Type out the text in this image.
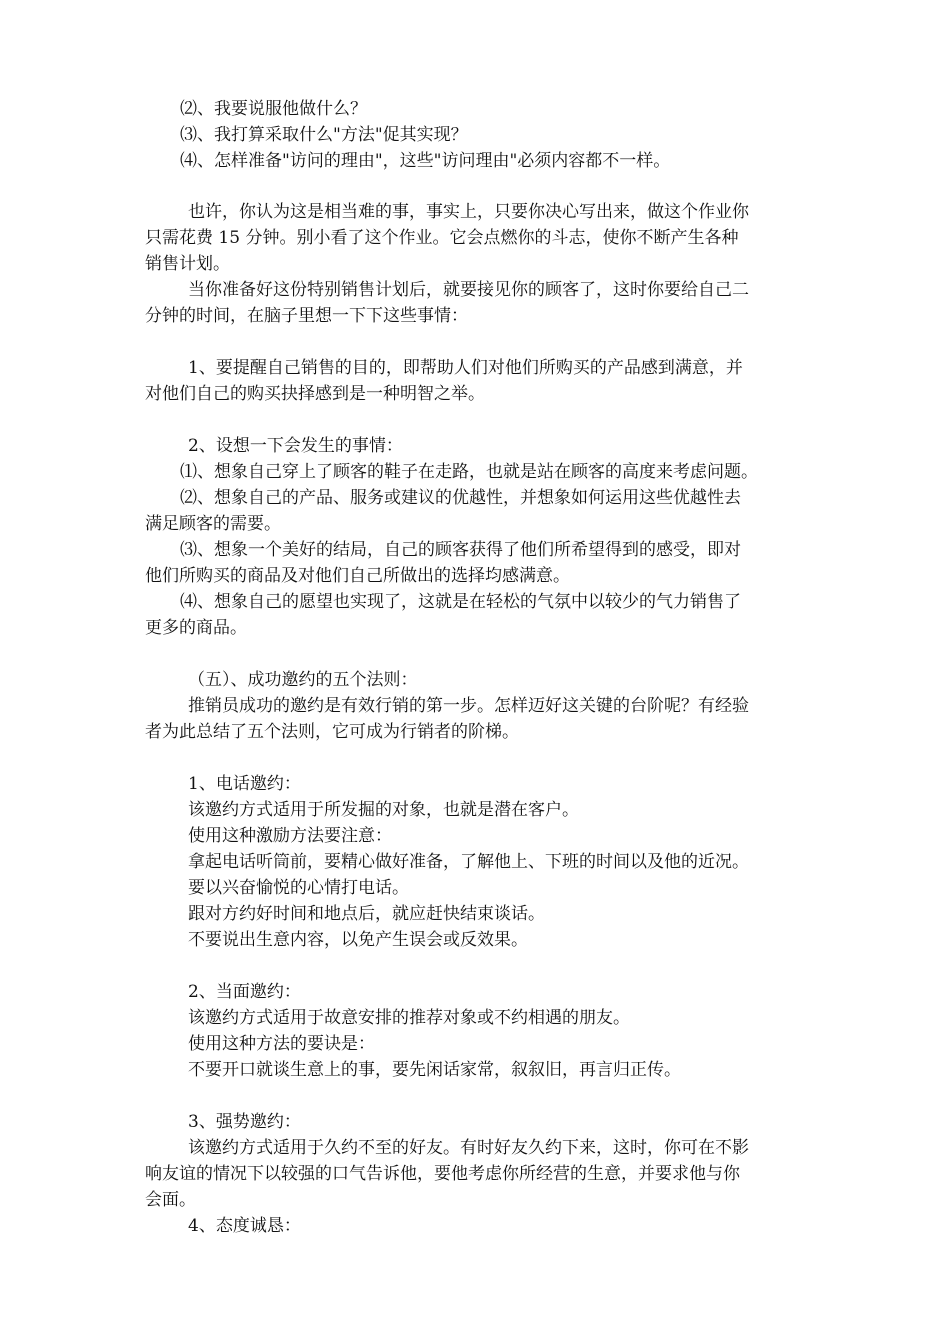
⑵、我要说服他做什么？
⑶、我打算采取什么"方法"促其实现？
⑷、怎样准备"访问的理由"，这些"访问理由"必须内容都不一样。
也许，你认为这是相当难的事，事实上，只要你决心写出来，做这个作业你
只需花费 15 分钟。别小看了这个作业。它会点燃你的斗志，使你不断产生各种
销售计划。
当你准备好这份特别销售计划后，就要接见你的顾客了，这时你要给自己二
分钟的时间，在脑子里想一下下这些事情：
1、要提醒自己销售的目的，即帮助人们对他们所购买的产品感到满意，并
对他们自己的购买抉择感到是一种明智之举。
2、设想一下会发生的事情：
⑴、想象自己穿上了顾客的鞋子在走路，也就是站在顾客的高度来考虑问题。
⑵、想象自己的产品、服务或建议的优越性，并想象如何运用这些优越性去
满足顾客的需要。
⑶、想象一个美好的结局，自己的顾客获得了他们所希望得到的感受，即对
他们所购买的商品及对他们自己所做出的选择均感满意。
⑷、想象自己的愿望也实现了，这就是在轻松的气氛中以较少的气力销售了
更多的商品。
（五）、成功邀约的五个法则：
推销员成功的邀约是有效行销的第一步。怎样迈好这关键的台阶呢？有经验
者为此总结了五个法则，它可成为行销者的阶梯。
1、电话邀约：
该邀约方式适用于所发掘的对象，也就是潜在客户。
使用这种激励方法要注意：
拿起电话听筒前，要精心做好准备，了解他上、下班的时间以及他的近况。
要以兴奋愉悦的心情打电话。
跟对方约好时间和地点后，就应赶快结束谈话。
不要说出生意内容，以免产生误会或反效果。
2、当面邀约：
该邀约方式适用于故意安排的推荐对象或不约相遇的朋友。
使用这种方法的要诀是：
不要开口就谈生意上的事，要先闲话家常，叙叙旧，再言归正传。
3、强势邀约：
该邀约方式适用于久约不至的好友。有时好友久约下来，这时，你可在不影
响友谊的情况下以较强的口气告诉他，要他考虑你所经营的生意，并要求他与你
会面。
4、态度诚恳：
